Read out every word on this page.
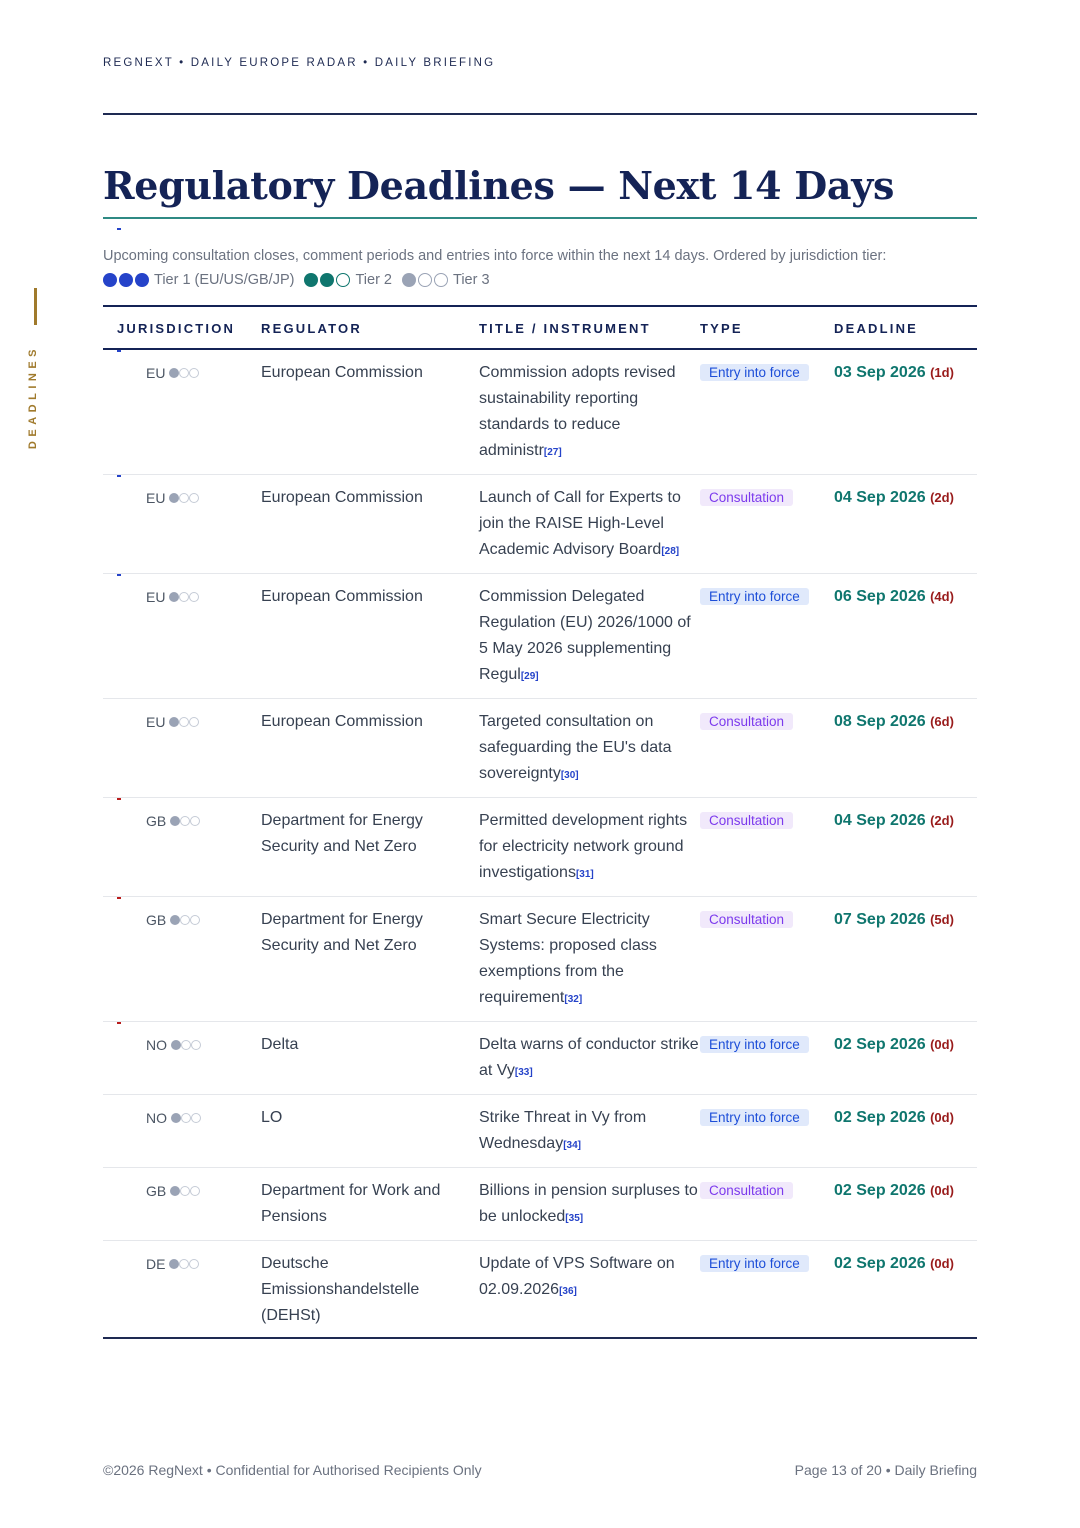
REGNEXT • DAILY EUROPE RADAR • DAILY BRIEFING
DEADLINES
Regulatory Deadlines — Next 14 Days
Upcoming consultation closes, comment periods and entries into force within the next 14 days. Ordered by jurisdiction tier:
Tier 1 (EU/US/GB/JP)	Tier 2	Tier 3
JURISDICTION	REGULATOR	TITLE / INSTRUMENT	TYPE	DEADLINE

EU	European Commission	Commission adopts revised sustainability reporting standards to reduce administr[27]	Entry into force	03 Sep 2026 (1d)

EU	European Commission	Launch of Call for Experts to join the RAISE High-Level Academic Advisory Board[28]	Consultation	04 Sep 2026 (2d)

EU	European Commission	Commission Delegated Regulation (EU) 2026/1000 of 5 May 2026 supplementing Regul[29]	Entry into force	06 Sep 2026 (4d)
EU	European Commission	Targeted consultation on safeguarding the EU's data sovereignty[30]	Consultation	08 Sep 2026 (6d)

GB	Department for Energy Security and Net Zero	Permitted development rights for electricity network ground investigations[31]	Consultation	04 Sep 2026 (2d)

GB	Department for Energy Security and Net Zero	Smart Secure Electricity Systems: proposed class exemptions from the requirement[32]	Consultation	07 Sep 2026 (5d)

NO	Delta	Delta warns of conductor strike at Vy[33]	Entry into force	02 Sep 2026 (0d)
NO	LO	Strike Threat in Vy from Wednesday[34]	Entry into force	02 Sep 2026 (0d)
GB	Department for Work and Pensions	Billions in pension surpluses to be unlocked[35]	Consultation	02 Sep 2026 (0d)
DE	Deutsche Emissionshandelstelle (DEHSt)	Update of VPS Software on 02.09.2026[36]	Entry into force	02 Sep 2026 (0d)
©2026 RegNext • Confidential for Authorised Recipients Only	Page 13 of 20 • Daily Briefing
